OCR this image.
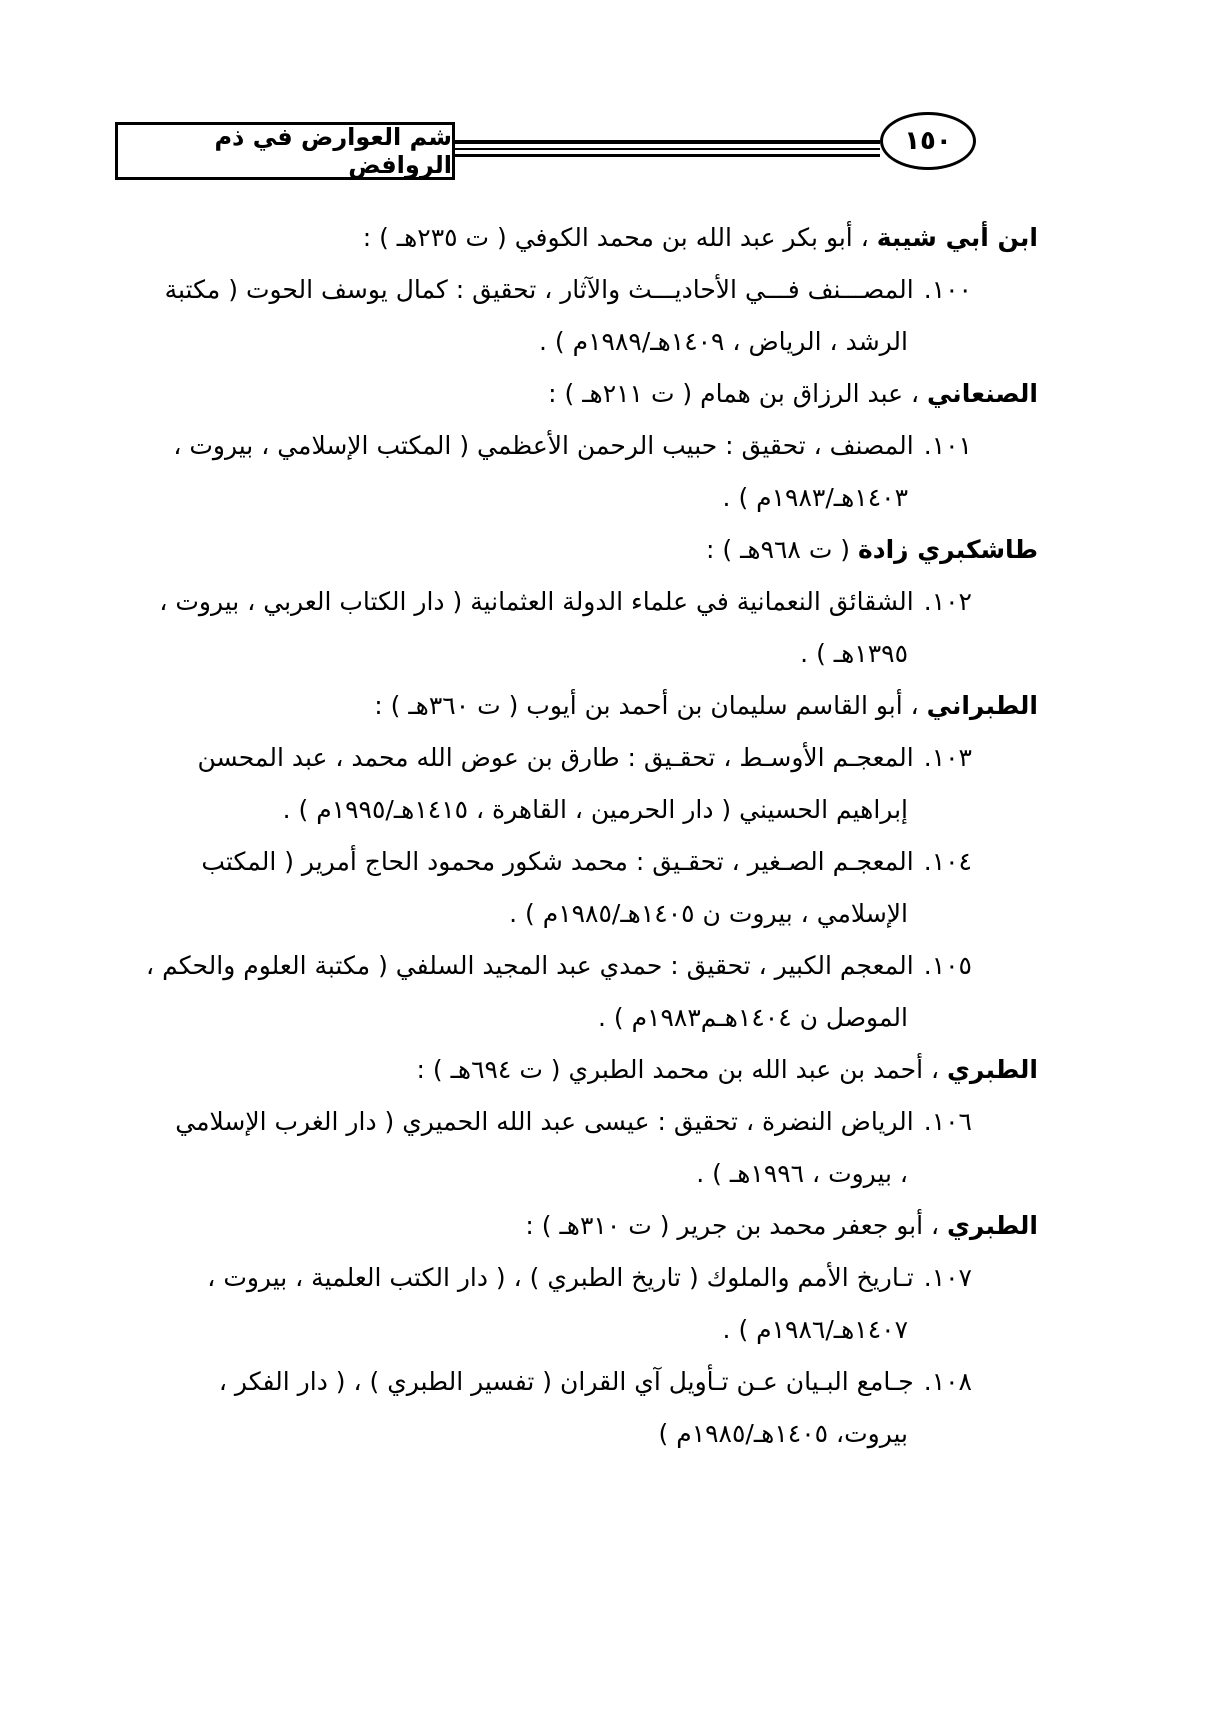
شم العوارض في ذم الروافض
١٥٠
ابن أبي شيبة ، أبو بكر عبد الله بن محمد الكوفي ( ت ٢٣٥هـ ) :
١٠٠.المصـــنف فـــي الأحاديـــث والآثار ، تحقيق : كمال يوسف الحوت ( مكتبة
الرشد ، الرياض ، ١٤٠٩هـ/١٩٨٩م ) .
الصنعاني ، عبد الرزاق بن همام ( ت ٢١١هـ ) :
١٠١.المصنف ، تحقيق : حبيب الرحمن الأعظمي ( المكتب الإسلامي ، بيروت ،
١٤٠٣هـ/١٩٨٣م ) .
طاشكبري زادة ( ت ٩٦٨هـ ) :
١٠٢.الشقائق النعمانية في علماء الدولة العثمانية ( دار الكتاب العربي ، بيروت ،
١٣٩٥هـ ) .
الطبراني ، أبو القاسم سليمان بن أحمد بن أيوب ( ت ٣٦٠هـ ) :
١٠٣.المعجـم الأوسـط ، تحقـيق : طارق بن عوض الله محمد ، عبد المحسن
إبراهيم الحسيني ( دار الحرمين ، القاهرة ، ١٤١٥هـ/١٩٩٥م ) .
١٠٤.المعجـم الصـغير ، تحقـيق : محمد شكور محمود الحاج أمرير ( المكتب
الإسلامي ، بيروت ن ١٤٠٥هـ/١٩٨٥م ) .
١٠٥.المعجم الكبير ، تحقيق : حمدي عبد المجيد السلفي ( مكتبة العلوم والحكم ،
الموصل ن ١٤٠٤هـم١٩٨٣م ) .
الطبري ، أحمد بن عبد الله بن محمد الطبري ( ت ٦٩٤هـ ) :
١٠٦.الرياض النضرة ، تحقيق : عيسى عبد الله الحميري ( دار الغرب الإسلامي
، بيروت ، ١٩٩٦هـ ) .
الطبري ، أبو جعفر محمد بن جرير ( ت ٣١٠هـ ) :
١٠٧.تـاريخ الأمم والملوك ( تاريخ الطبري ) ، ( دار الكتب العلمية ، بيروت ،
١٤٠٧هـ/١٩٨٦م ) .
١٠٨.جـامع البـيان عـن تـأويل آي القران ( تفسير الطبري ) ، ( دار الفكر ،
بيروت، ١٤٠٥هـ/١٩٨٥م )
